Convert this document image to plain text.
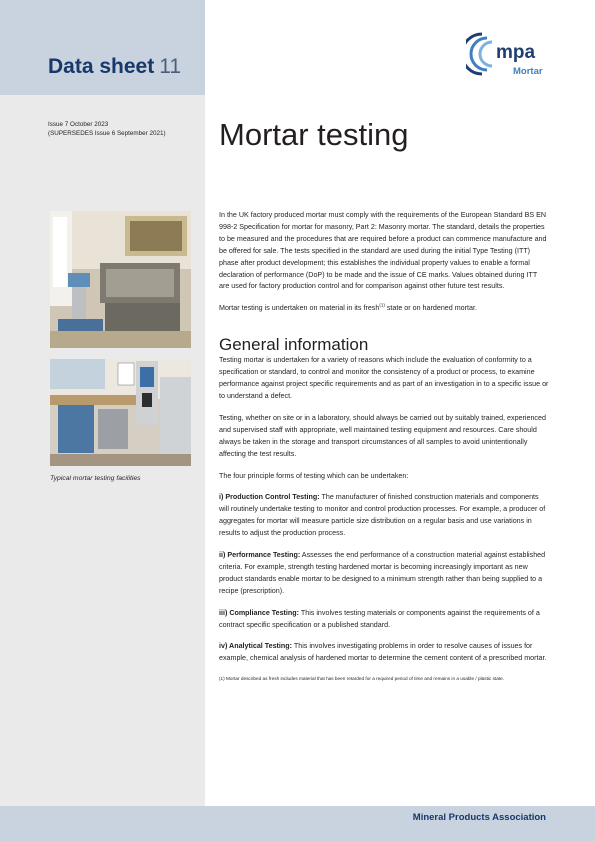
Data sheet 11
mpa
Mortar
Issue 7 October 2023
(SUPERSEDES Issue 6 September 2021) Mortar testing
Typical mortar testing facilities

In the UK factory produced mortar must comply with the requirements of the European Standard BS EN 998-2 Specification for mortar for masonry, Part 2: Masonry mortar. The standard, details the properties to be measured and the procedures that are required before a product can commence manufacture and be offered for sale. The tests specified in the standard are used during the initial Type Testing (ITT) phase after product development; this establishes the individual property values to enable a formal declaration of performance (DoP) to be made and the issue of CE marks. Values obtained during ITT are used for factory production control and for comparison against other future test results.

Mortar testing is undertaken on material in its fresh$^{(1)}$ state or on hardened mortar.

General information

Testing mortar is undertaken for a variety of reasons which include the evaluation of conformity to a specification or standard, to control and monitor the consistency of a product or process, to examine performance against project specific requirements and as part of an investigation in to a specific issue or to understand a defect.

Testing, whether on site or in a laboratory, should always be carried out by suitably trained, experienced and supervised staff with appropriate, well maintained testing equipment and resources. Care should always be taken in the storage and transport circumstances of all samples to avoid unintentionally affecting the test results.

The four principle forms of testing which can be undertaken:

i) Production Control Testing: The manufacturer of finished construction materials and components will routinely undertake testing to monitor and control production processes. For example, a producer of aggregates for mortar will measure particle size distribution on a regular basis and use variations in results to adjust the production process.

ii) Performance Testing: Assesses the end performance of a construction material against established criteria. For example, strength testing hardened mortar is becoming increasingly important as new product standards enable mortar to be designed to a minimum strength rather than being supplied to a recipe (prescription).

iii) Compliance Testing: This involves testing materials or components against the requirements of a contract specific specification or a published standard.

iv) Analytical Testing: This involves investigating problems in order to resolve causes of issues for example, chemical analysis of hardened mortar to determine the cement content of a prescribed mortar.

(1) Mortar described as fresh includes material that has been retarded for a required period of time and remains in a usable / plastic state.

Mineral Products Association
